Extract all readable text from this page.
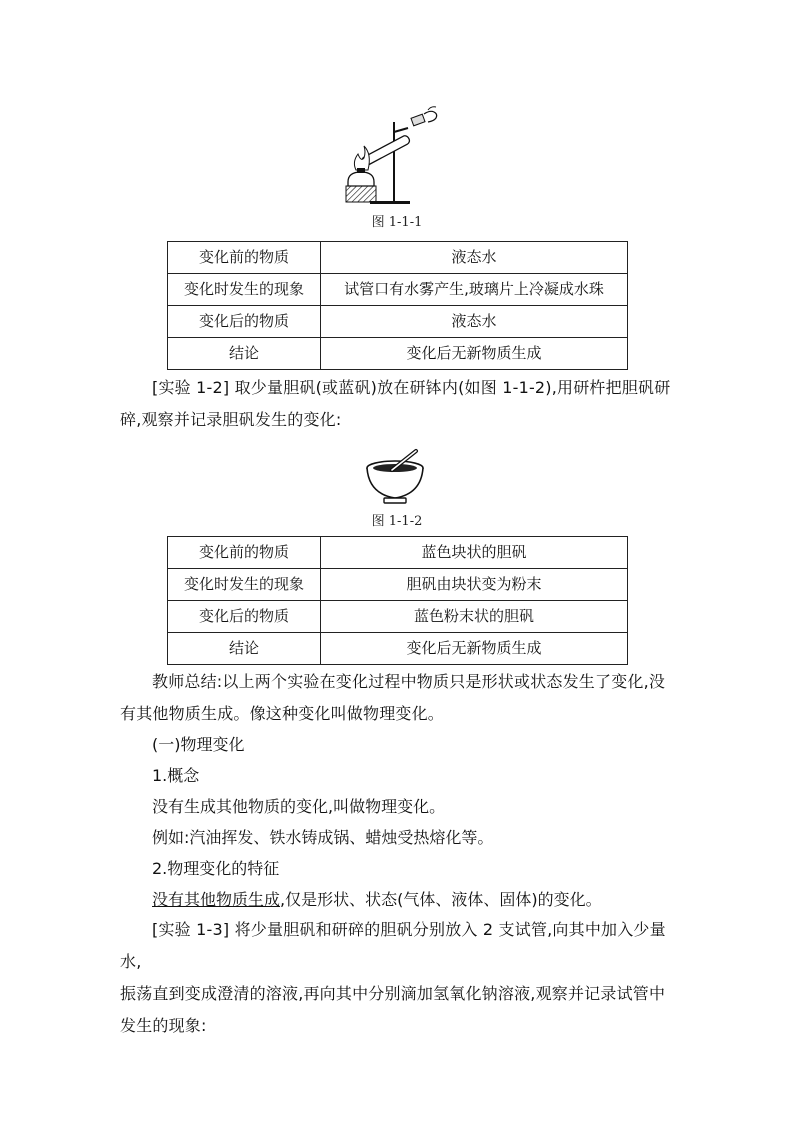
图 1-1-1
变化前的物质	液态水
变化时发生的现象	试管口有水雾产生,玻璃片上冷凝成水珠
变化后的物质	液态水
结论	变化后无新物质生成
[实验 1-2] 取少量胆矾(或蓝矾)放在研钵内(如图 1-1-2),用研杵把胆矾研
碎,观察并记录胆矾发生的变化:
图 1-1-2
变化前的物质	蓝色块状的胆矾
变化时发生的现象	胆矾由块状变为粉末
变化后的物质	蓝色粉末状的胆矾
结论	变化后无新物质生成
教师总结:以上两个实验在变化过程中物质只是形状或状态发生了变化,没
有其他物质生成。像这种变化叫做物理变化。
(一)物理变化
1.概念
没有生成其他物质的变化,叫做物理变化。
例如:汽油挥发、铁水铸成锅、蜡烛受热熔化等。
2.物理变化的特征
没有其他物质生成,仅是形状、状态(气体、液体、固体)的变化。
[实验 1-3] 将少量胆矾和研碎的胆矾分别放入 2 支试管,向其中加入少量水,
振荡直到变成澄清的溶液,再向其中分别滴加氢氧化钠溶液,观察并记录试管中
发生的现象:
